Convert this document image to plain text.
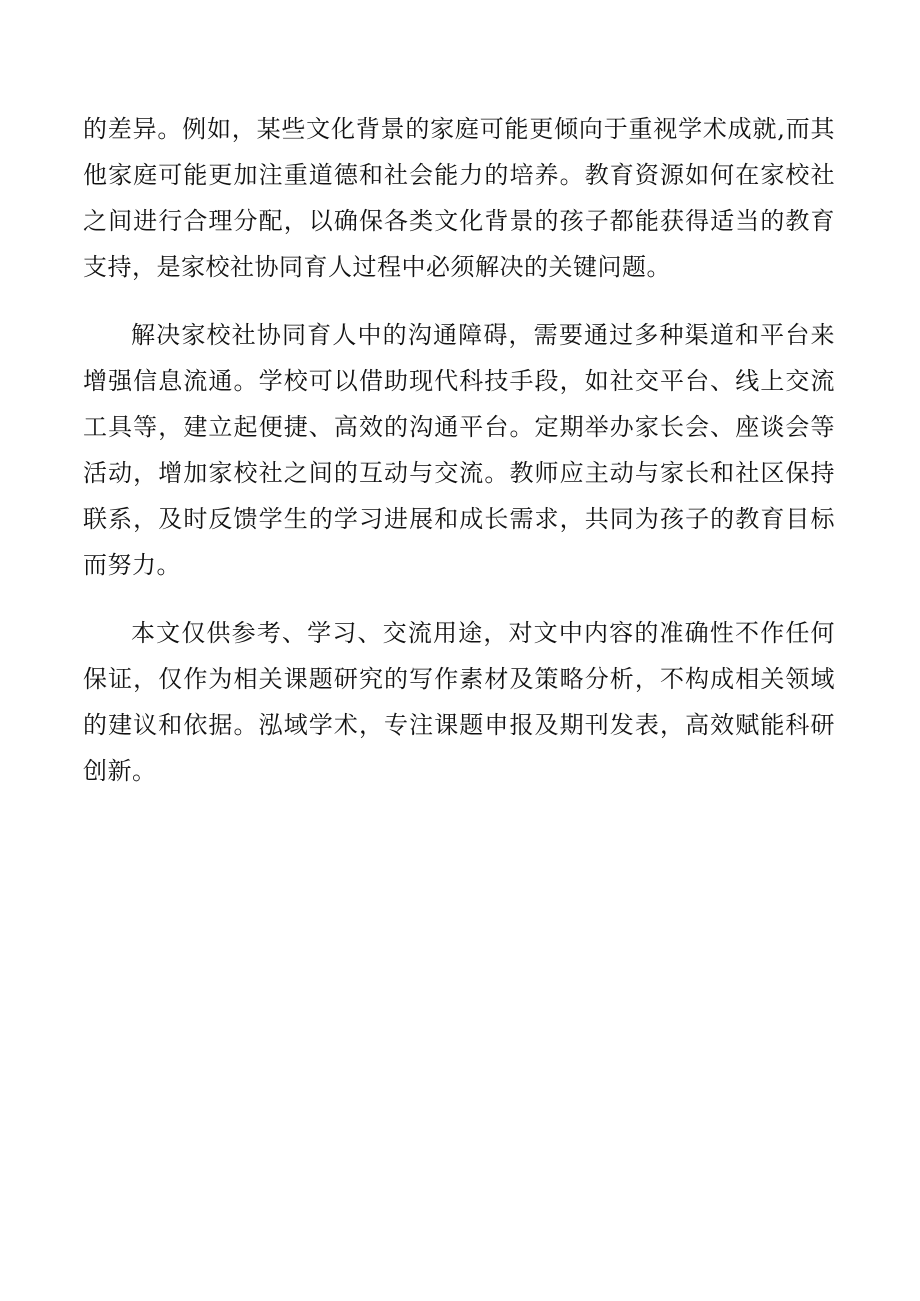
的差异。例如，某些文化背景的家庭可能更倾向于重视学术成就,而其他家庭可能更加注重道德和社会能力的培养。教育资源如何在家校社之间进行合理分配，以确保各类文化背景的孩子都能获得适当的教育支持，是家校社协同育人过程中必须解决的关键问题。

解决家校社协同育人中的沟通障碍，需要通过多种渠道和平台来增强信息流通。学校可以借助现代科技手段，如社交平台、线上交流工具等，建立起便捷、高效的沟通平台。定期举办家长会、座谈会等活动，增加家校社之间的互动与交流。教师应主动与家长和社区保持联系，及时反馈学生的学习进展和成长需求，共同为孩子的教育目标而努力。

本文仅供参考、学习、交流用途，对文中内容的准确性不作任何保证，仅作为相关课题研究的写作素材及策略分析，不构成相关领域的建议和依据。泓域学术，专注课题申报及期刊发表，高效赋能科研创新。
